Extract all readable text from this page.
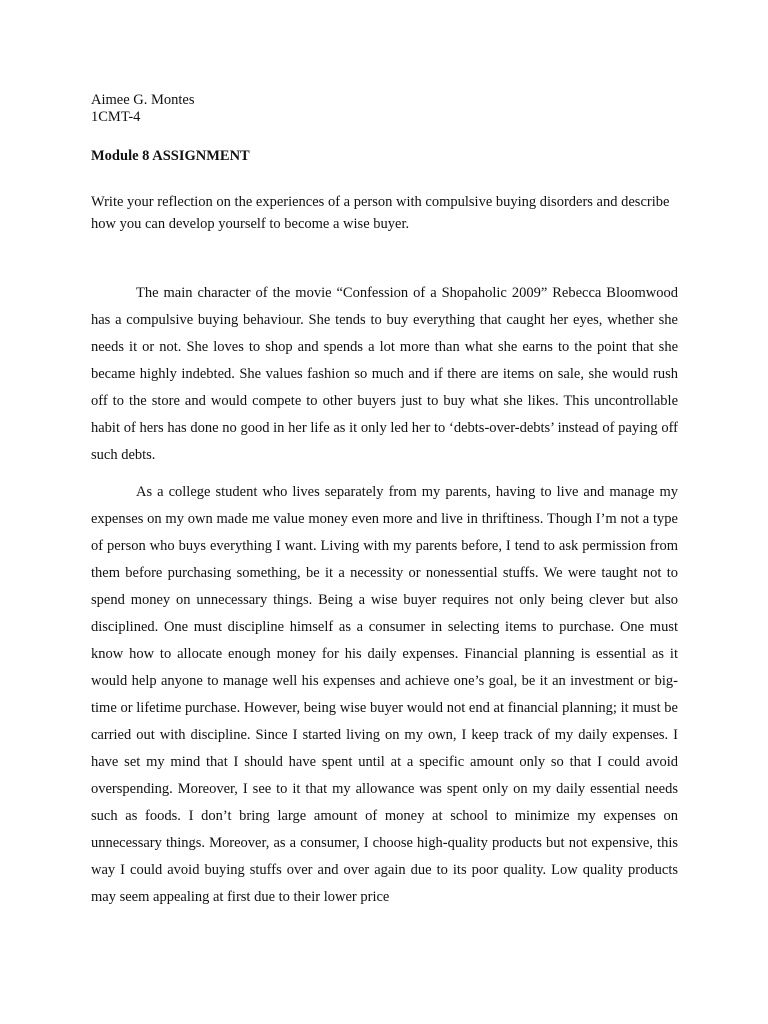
Aimee G. Montes
1CMT-4
Module 8 ASSIGNMENT
Write your reflection on the experiences of a person with compulsive buying disorders and describe how you can develop yourself to become a wise buyer.

The main character of the movie “Confession of a Shopaholic 2009” Rebecca Bloomwood has a compulsive buying behaviour. She tends to buy everything that caught her eyes, whether she needs it or not. She loves to shop and spends a lot more than what she earns to the point that she became highly indebted. She values fashion so much and if there are items on sale, she would rush off to the store and would compete to other buyers just to buy what she likes. This uncontrollable habit of hers has done no good in her life as it only led her to ‘debts-over-debts’ instead of paying off such debts.

As a college student who lives separately from my parents, having to live and manage my expenses on my own made me value money even more and live in thriftiness. Though I’m not a type of person who buys everything I want. Living with my parents before, I tend to ask permission from them before purchasing something, be it a necessity or nonessential stuffs. We were taught not to spend money on unnecessary things. Being a wise buyer requires not only being clever but also disciplined. One must discipline himself as a consumer in selecting items to purchase. One must know how to allocate enough money for his daily expenses. Financial planning is essential as it would help anyone to manage well his expenses and achieve one’s goal, be it an investment or big-time or lifetime purchase. However, being wise buyer would not end at financial planning; it must be carried out with discipline. Since I started living on my own, I keep track of my daily expenses. I have set my mind that I should have spent until at a specific amount only so that I could avoid overspending. Moreover, I see to it that my allowance was spent only on my daily essential needs such as foods. I don’t bring large amount of money at school to minimize my expenses on unnecessary things. Moreover, as a consumer, I choose high-quality products but not expensive, this way I could avoid buying stuffs over and over again due to its poor quality. Low quality products may seem appealing at first due to their lower price
